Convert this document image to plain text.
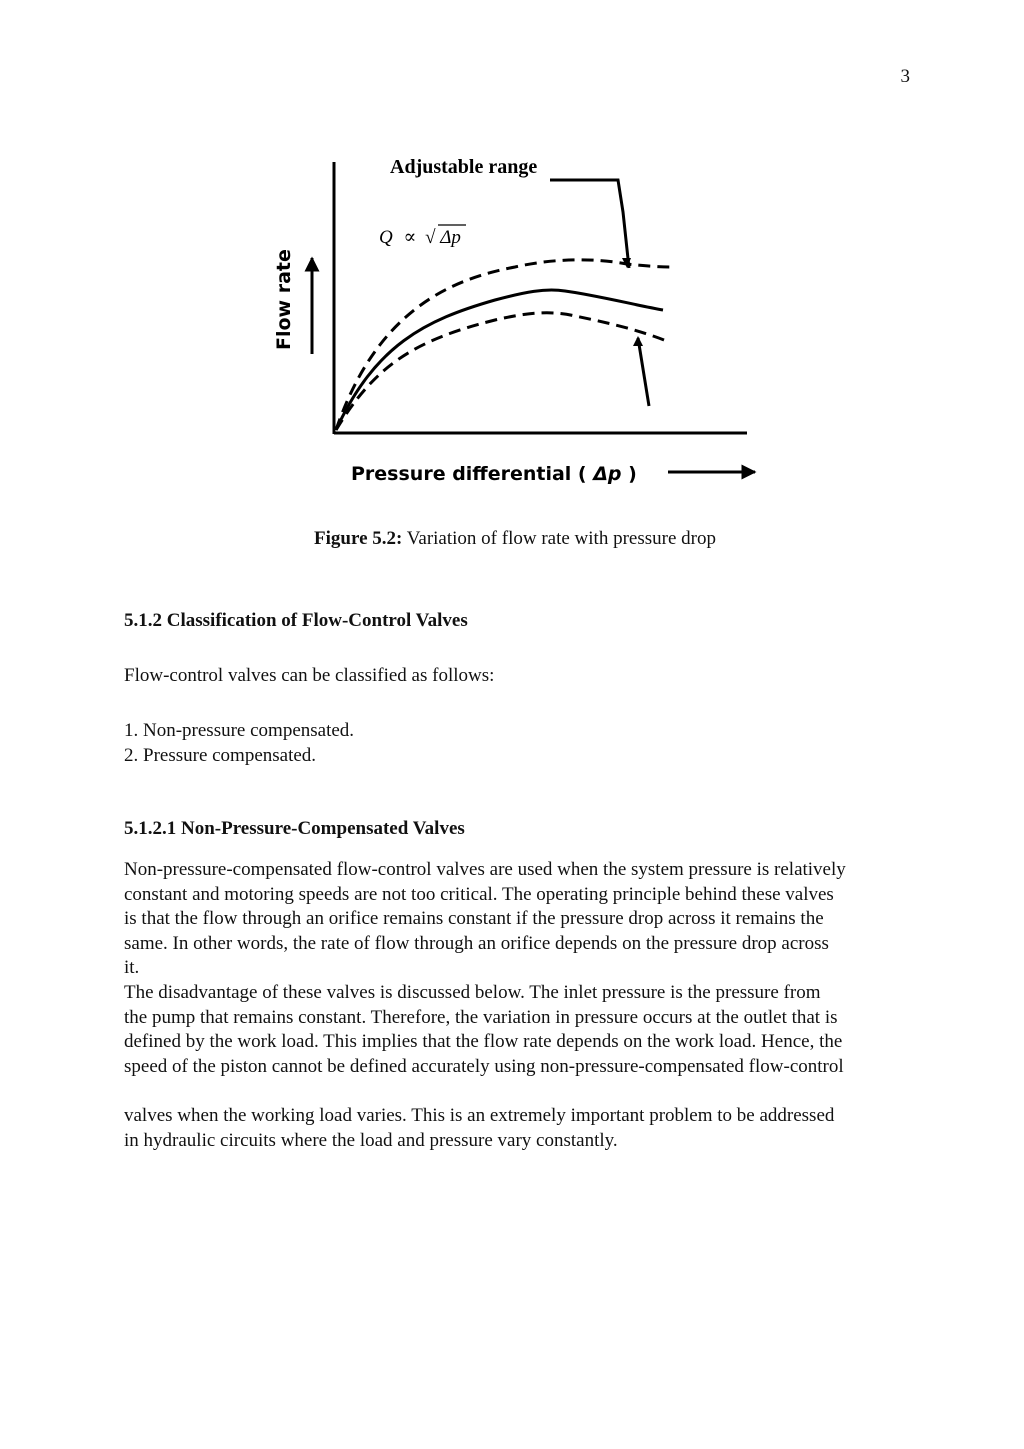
3
Adjustable range
Q ∝ √ Δp
Flow rate
Pressure differential ( Δp )
Figure 5.2: Variation of flow rate with pressure drop
5.1.2 Classification of Flow-Control Valves

Flow-control valves can be classified as follows:

1. Non-pressure compensated.
2. Pressure compensated.
5.1.2.1 Non-Pressure-Compensated Valves
Non-pressure-compensated flow-control valves are used when the system pressure is relatively
constant and motoring speeds are not too critical. The operating principle behind these valves
is that the flow through an orifice remains constant if the pressure drop across it remains the
same. In other words, the rate of flow through an orifice depends on the pressure drop across
it.
The disadvantage of these valves is discussed below. The inlet pressure is the pressure from
the pump that remains constant. Therefore, the variation in pressure occurs at the outlet that is
defined by the work load. This implies that the flow rate depends on the work load. Hence, the
speed of the piston cannot be defined accurately using non-pressure-compensated flow-control
valves when the working load varies. This is an extremely important problem to be addressed
in hydraulic circuits where the load and pressure vary constantly.
